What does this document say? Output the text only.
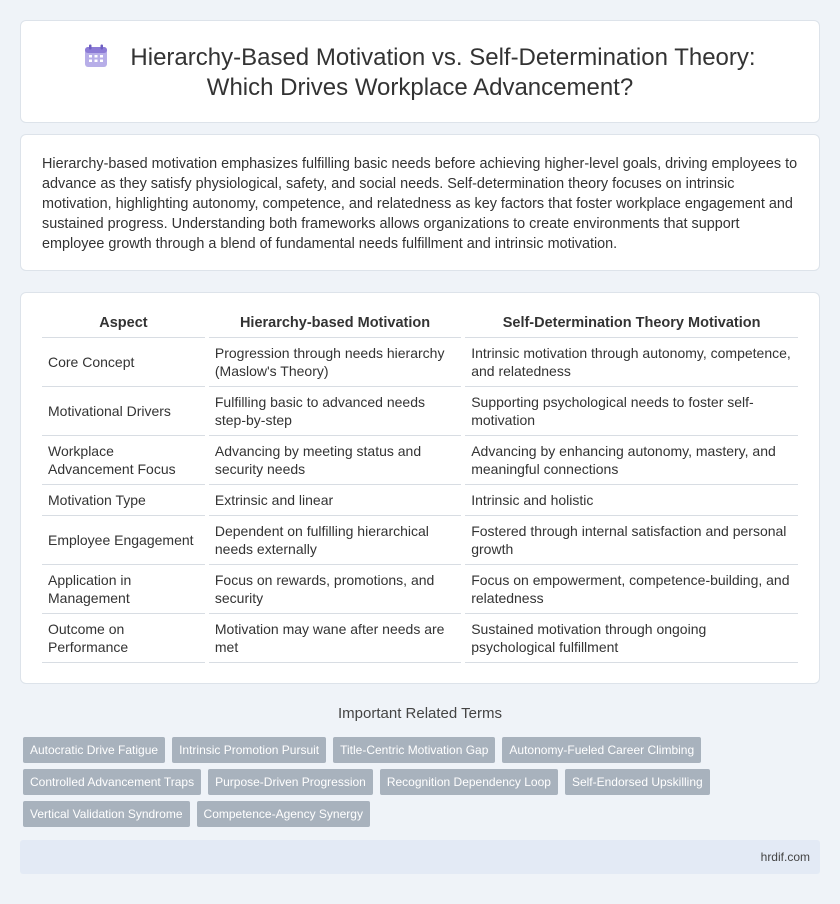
Hierarchy-Based Motivation vs. Self-Determination Theory: Which Drives Workplace Advancement?

Hierarchy-based motivation emphasizes fulfilling basic needs before achieving higher-level goals, driving employees to advance as they satisfy physiological, safety, and social needs. Self-determination theory focuses on intrinsic motivation, highlighting autonomy, competence, and relatedness as key factors that foster workplace engagement and sustained progress. Understanding both frameworks allows organizations to create environments that support employee growth through a blend of fundamental needs fulfillment and intrinsic motivation.

Aspect		Hierarchy-based Motivation		Self-Determination Theory Motivation
Core Concept		Progression through needs hierarchy (Maslow's Theory)		Intrinsic motivation through autonomy, competence, and relatedness
Motivational Drivers		Fulfilling basic to advanced needs step-by-step		Supporting psychological needs to foster self-motivation
Workplace Advancement Focus		Advancing by meeting status and security needs		Advancing by enhancing autonomy, mastery, and meaningful connections
Motivation Type		Extrinsic and linear		Intrinsic and holistic
Employee Engagement		Dependent on fulfilling hierarchical needs externally		Fostered through internal satisfaction and personal growth
Application in Management		Focus on rewards, promotions, and security		Focus on empowerment, competence-building, and relatedness
Outcome on Performance		Motivation may wane after needs are met		Sustained motivation through ongoing psychological fulfillment
Important Related Terms
Autocratic Drive Fatigue	Intrinsic Promotion Pursuit	Title-Centric Motivation Gap	Autonomy-Fueled Career Climbing
Controlled Advancement Traps	Purpose-Driven Progression	Recognition Dependency Loop	Self-Endorsed Upskilling
Vertical Validation Syndrome	Competence-Agency Synergy
hrdif.com
